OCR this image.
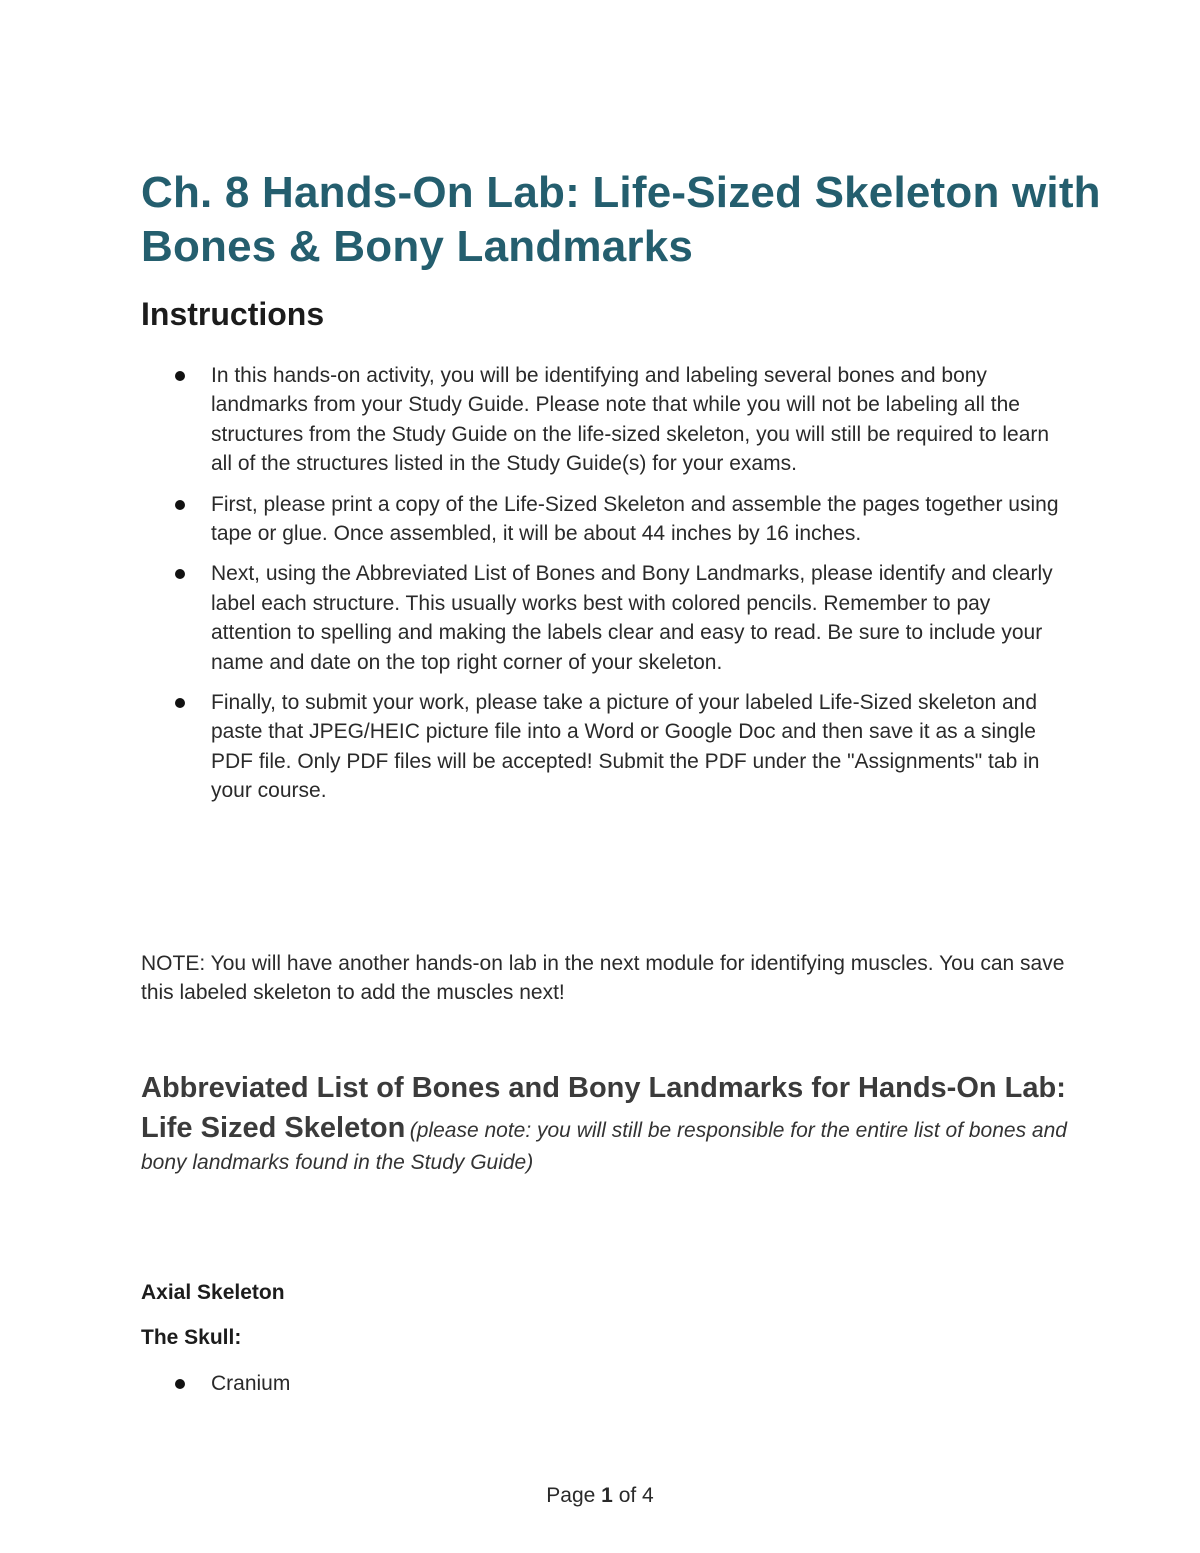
Ch. 8 Hands-On Lab: Life-Sized Skeleton with Bones & Bony Landmarks
Instructions
In this hands-on activity, you will be identifying and labeling several bones and bony landmarks from your Study Guide. Please note that while you will not be labeling all the structures from the Study Guide on the life-sized skeleton, you will still be required to learn all of the structures listed in the Study Guide(s) for your exams.
First, please print a copy of the Life-Sized Skeleton and assemble the pages together using tape or glue. Once assembled, it will be about 44 inches by 16 inches.
Next, using the Abbreviated List of Bones and Bony Landmarks, please identify and clearly label each structure. This usually works best with colored pencils. Remember to pay attention to spelling and making the labels clear and easy to read. Be sure to include your name and date on the top right corner of your skeleton.
Finally, to submit your work, please take a picture of your labeled Life-Sized skeleton and paste that JPEG/HEIC picture file into a Word or Google Doc and then save it as a single PDF file. Only PDF files will be accepted! Submit the PDF under the "Assignments" tab in your course.

NOTE: You will have another hands-on lab in the next module for identifying muscles. You can save this labeled skeleton to add the muscles next!

Abbreviated List of Bones and Bony Landmarks for Hands-On Lab: Life Sized Skeleton (please note: you will still be responsible for the entire list of bones and bony landmarks found in the Study Guide)

Axial Skeleton

The Skull:

Cranium
Page 1 of 4
